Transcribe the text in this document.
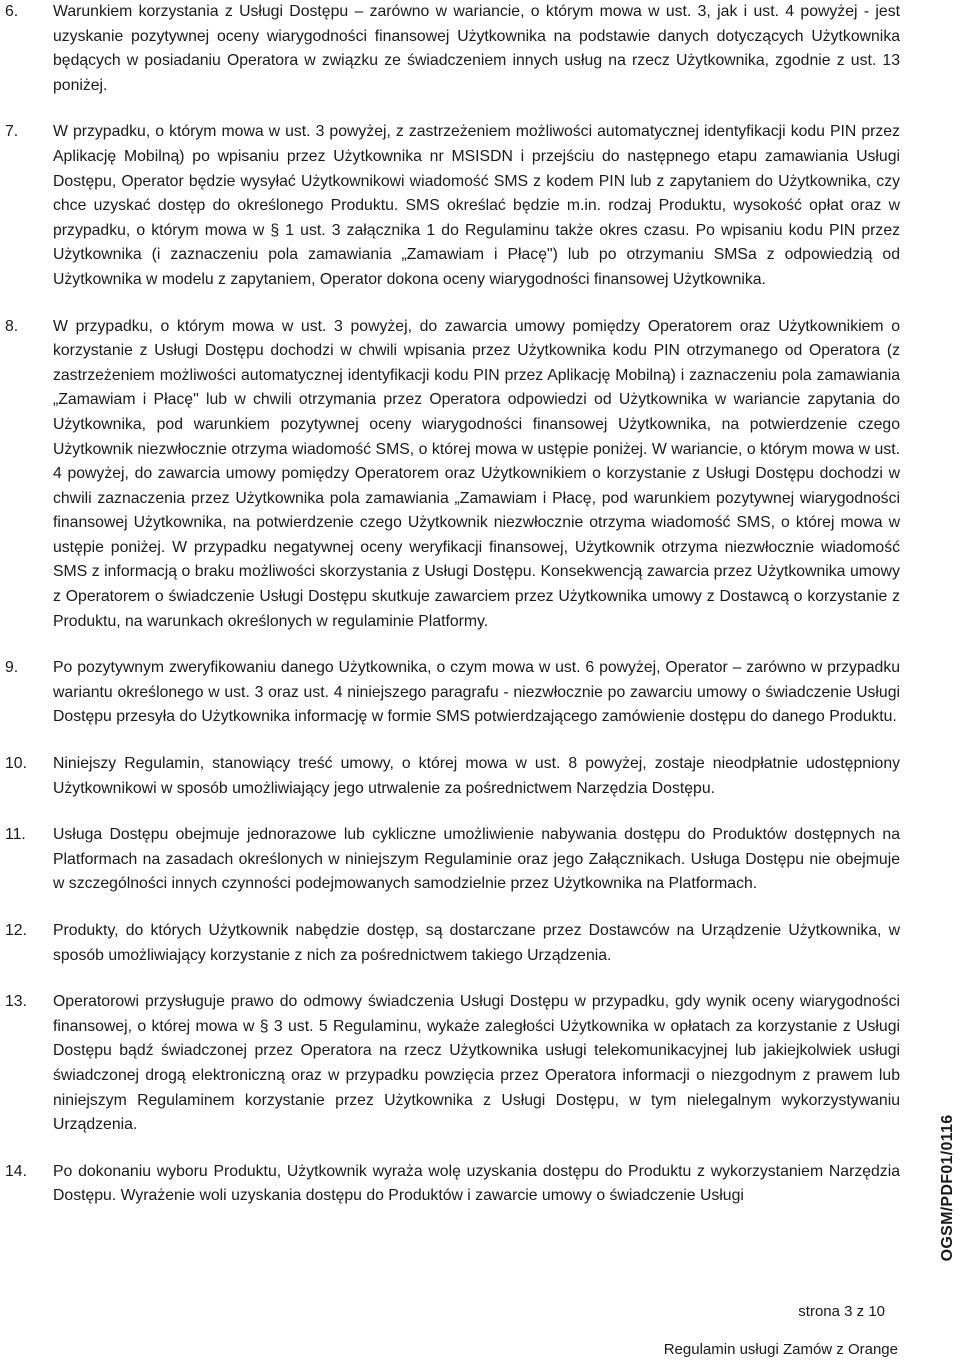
6. Warunkiem korzystania z Usługi Dostępu – zarówno w wariancie, o którym mowa w ust. 3, jak i ust. 4 powyżej - jest uzyskanie pozytywnej oceny wiarygodności finansowej Użytkownika na podstawie danych dotyczących Użytkownika będących w posiadaniu Operatora w związku ze świadczeniem innych usług na rzecz Użytkownika, zgodnie z ust. 13 poniżej.
7. W przypadku, o którym mowa w ust. 3 powyżej, z zastrzeżeniem możliwości automatycznej identyfikacji kodu PIN przez Aplikację Mobilną) po wpisaniu przez Użytkownika nr MSISDN i przejściu do następnego etapu zamawiania Usługi Dostępu, Operator będzie wysyłać Użytkownikowi wiadomość SMS z kodem PIN lub z zapytaniem do Użytkownika, czy chce uzyskać dostęp do określonego Produktu. SMS określać będzie m.in. rodzaj Produktu, wysokość opłat oraz w przypadku, o którym mowa w § 1 ust. 3 załącznika 1 do Regulaminu także okres czasu. Po wpisaniu kodu PIN przez Użytkownika (i zaznaczeniu pola zamawiania „Zamawiam i Płacę") lub po otrzymaniu SMSa z odpowiedzią od Użytkownika w modelu z zapytaniem, Operator dokona oceny wiarygodności finansowej Użytkownika.
8. W przypadku, o którym mowa w ust. 3 powyżej, do zawarcia umowy pomiędzy Operatorem oraz Użytkownikiem o korzystanie z Usługi Dostępu dochodzi w chwili wpisania przez Użytkownika kodu PIN otrzymanego od Operatora (z zastrzeżeniem możliwości automatycznej identyfikacji kodu PIN przez Aplikację Mobilną) i zaznaczeniu pola zamawiania „Zamawiam i Płacę" lub w chwili otrzymania przez Operatora odpowiedzi od Użytkownika w wariancie zapytania do Użytkownika, pod warunkiem pozytywnej oceny wiarygodności finansowej Użytkownika, na potwierdzenie czego Użytkownik niezwłocznie otrzyma wiadomość SMS, o której mowa w ustępie poniżej. W wariancie, o którym mowa w ust. 4 powyżej, do zawarcia umowy pomiędzy Operatorem oraz Użytkownikiem o korzystanie z Usługi Dostępu dochodzi w chwili zaznaczenia przez Użytkownika pola zamawiania „Zamawiam i Płacę, pod warunkiem pozytywnej wiarygodności finansowej Użytkownika, na potwierdzenie czego Użytkownik niezwłocznie otrzyma wiadomość SMS, o której mowa w ustępie poniżej. W przypadku negatywnej oceny weryfikacji finansowej, Użytkownik otrzyma niezwłocznie wiadomość SMS z informacją o braku możliwości skorzystania z Usługi Dostępu. Konsekwencją zawarcia przez Użytkownika umowy z Operatorem o świadczenie Usługi Dostępu skutkuje zawarciem przez Użytkownika umowy z Dostawcą o korzystanie z Produktu, na warunkach określonych w regulaminie Platformy.
9. Po pozytywnym zweryfikowaniu danego Użytkownika, o czym mowa w ust. 6 powyżej, Operator – zarówno w przypadku wariantu określonego w ust. 3 oraz ust. 4 niniejszego paragrafu - niezwłocznie po zawarciu umowy o świadczenie Usługi Dostępu przesyła do Użytkownika informację w formie SMS potwierdzającego zamówienie dostępu do danego Produktu.
10. Niniejszy Regulamin, stanowiący treść umowy, o której mowa w ust. 8 powyżej, zostaje nieodpłatnie udostępniony Użytkownikowi w sposób umożliwiający jego utrwalenie za pośrednictwem Narzędzia Dostępu.
11. Usługa Dostępu obejmuje jednorazowe lub cykliczne umożliwienie nabywania dostępu do Produktów dostępnych na Platformach na zasadach określonych w niniejszym Regulaminie oraz jego Załącznikach. Usługa Dostępu nie obejmuje w szczególności innych czynności podejmowanych samodzielnie przez Użytkownika na Platformach.
12. Produkty, do których Użytkownik nabędzie dostęp, są dostarczane przez Dostawców na Urządzenie Użytkownika, w sposób umożliwiający korzystanie z nich za pośrednictwem takiego Urządzenia.
13. Operatorowi przysługuje prawo do odmowy świadczenia Usługi Dostępu w przypadku, gdy wynik oceny wiarygodności finansowej, o której mowa w § 3 ust. 5 Regulaminu, wykaże zaległości Użytkownika w opłatach za korzystanie z Usługi Dostępu bądź świadczonej przez Operatora na rzecz Użytkownika usługi telekomunikacyjnej lub jakiejkolwiek usługi świadczonej drogą elektroniczną oraz w przypadku powzięcia przez Operatora informacji o niezgodnym z prawem lub niniejszym Regulaminem korzystanie przez Użytkownika z Usługi Dostępu, w tym nielegalnym wykorzystywaniu Urządzenia.
14. Po dokonaniu wyboru Produktu, Użytkownik wyraża wolę uzyskania dostępu do Produktu z wykorzystaniem Narzędzia Dostępu. Wyrażenie woli uzyskania dostępu do Produktów i zawarcie umowy o świadczenie Usługi	OGSM/PDF01/0116
strona 3 z 10
Regulamin usługi Zamów z Orange
